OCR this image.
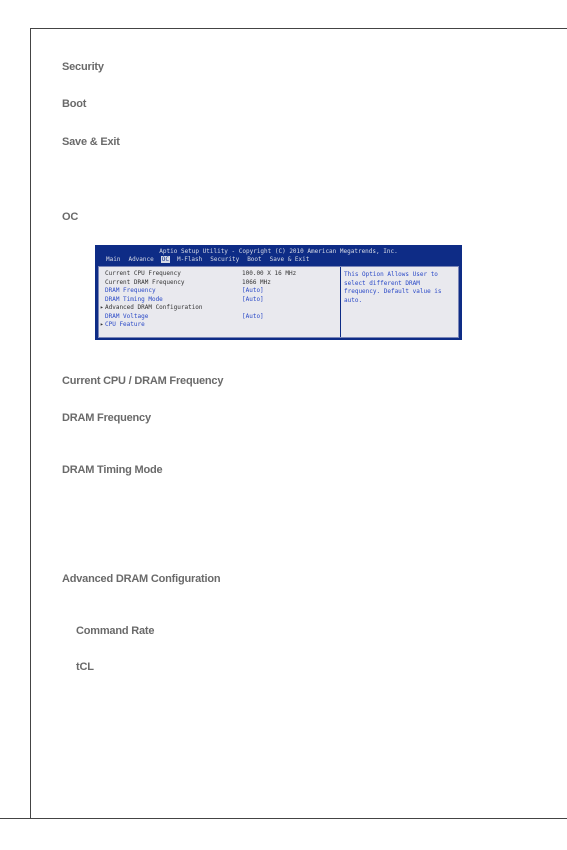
Security
Boot
Save & Exit
OC
Aptio Setup Utility - Copyright (C) 2010 American Megatrends, Inc.
Main Advance OC M-Flash Security Boot Save & Exit
Current CPU Frequency	100.00 X 16 MHz
Current DRAM Frequency	1066 MHz
DRAM Frequency	[Auto]
DRAM Timing Mode	[Auto]
▸ Advanced DRAM Configuration
DRAM Voltage	[Auto]
▸ CPU Feature
This Option Allows User to select different DRAM frequency. Default value is auto.
Current CPU / DRAM Frequency
DRAM Frequency
DRAM Timing Mode
Advanced DRAM Configuration
Command Rate
tCL
